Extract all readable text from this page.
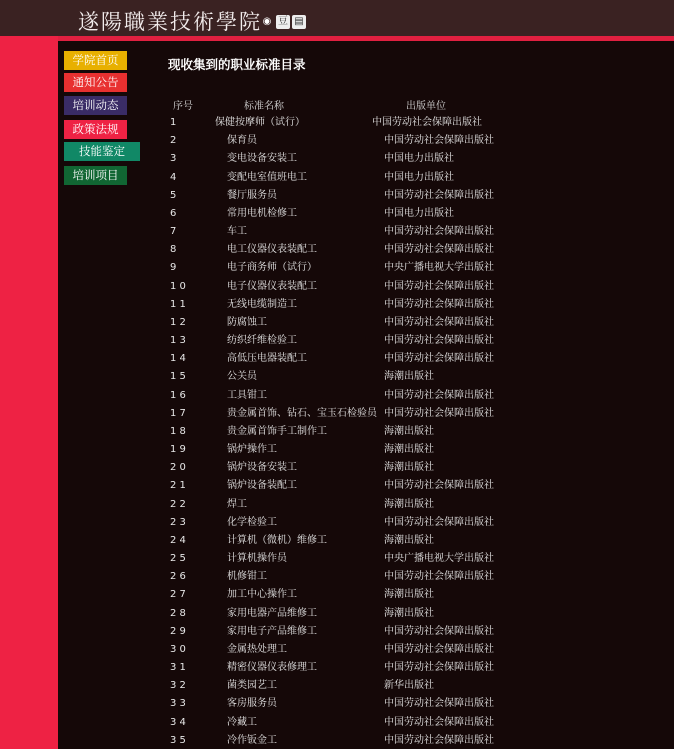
遂陽職業技術學院 ◉ 豆 ▤
学院首页
通知公告
培训动态
政策法规
技能鉴定
培训项目
现收集到的职业标准目录
序号	标准名称	出版单位
1	保健按摩师（试行）	中国劳动社会保障出版社
2	保育员	中国劳动社会保障出版社
3	变电设备安装工	中国电力出版社
4	变配电室值班电工	中国电力出版社
5	餐厅服务员	中国劳动社会保障出版社
6	常用电机检修工	中国电力出版社
7	车工	中国劳动社会保障出版社
8	电工仪器仪表装配工	中国劳动社会保障出版社
9	电子商务师（试行）	中央广播电视大学出版社
1 0	电子仪器仪表装配工	中国劳动社会保障出版社
1 1	无线电缆制造工	中国劳动社会保障出版社
1 2	防腐蚀工	中国劳动社会保障出版社
1 3	纺织纤维检验工	中国劳动社会保障出版社
1 4	高低压电器装配工	中国劳动社会保障出版社
1 5	公关员	海潮出版社
1 6	工具钳工	中国劳动社会保障出版社
1 7	贵金属首饰、钻石、宝玉石检验员 中国劳动社会保障出版社
1 8	贵金属首饰手工制作工	海潮出版社
1 9	锅炉操作工	海潮出版社
2 0	锅炉设备安装工	海潮出版社
2 1	锅炉设备装配工	中国劳动社会保障出版社
2 2	焊工	海潮出版社
2 3	化学检验工	中国劳动社会保障出版社
2 4	计算机（微机）维修工	海潮出版社
2 5	计算机操作员	中央广播电视大学出版社
2 6	机修钳工	中国劳动社会保障出版社
2 7	加工中心操作工	海潮出版社
2 8	家用电器产品维修工	海潮出版社
2 9	家用电子产品维修工	中国劳动社会保障出版社
3 0	金属热处理工	中国劳动社会保障出版社
3 1	精密仪器仪表修理工	中国劳动社会保障出版社
3 2	菌类园艺工	新华出版社
3 3	客房服务员	中国劳动社会保障出版社
3 4	冷藏工	中国劳动社会保障出版社
3 5	冷作钣金工	中国劳动社会保障出版社
